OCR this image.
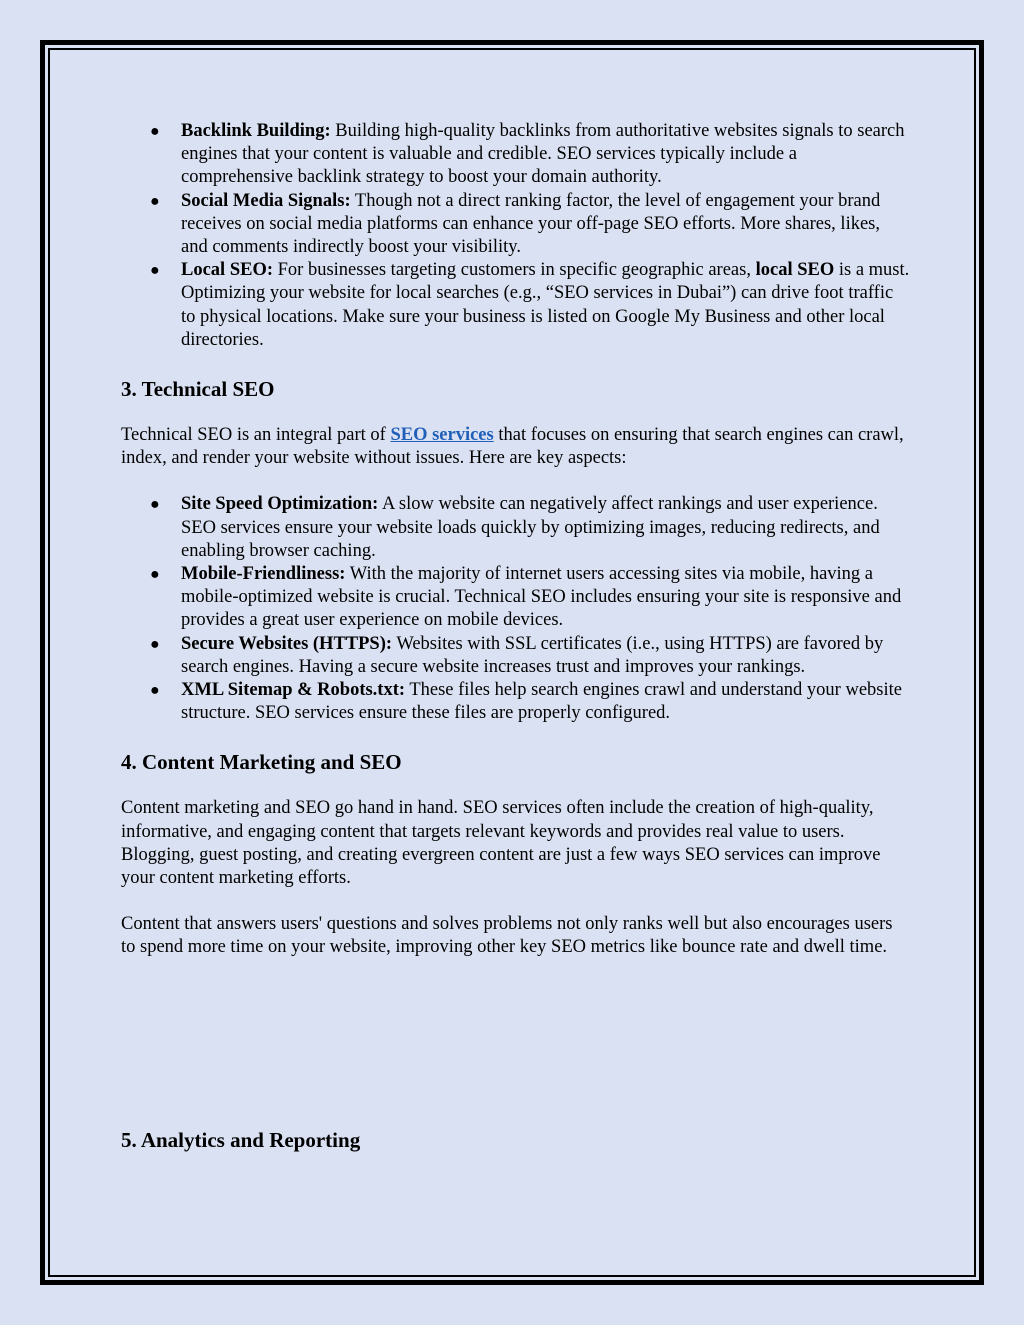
● Backlink Building: Building high-quality backlinks from authoritative websites signals to search engines that your content is valuable and credible. SEO services typically include a comprehensive backlink strategy to boost your domain authority.
● Social Media Signals: Though not a direct ranking factor, the level of engagement your brand receives on social media platforms can enhance your off-page SEO efforts. More shares, likes, and comments indirectly boost your visibility.
● Local SEO: For businesses targeting customers in specific geographic areas, local SEO is a must. Optimizing your website for local searches (e.g., “SEO services in Dubai”) can drive foot traffic to physical locations. Make sure your business is listed on Google My Business and other local directories.
3. Technical SEO

Technical SEO is an integral part of SEO services that focuses on ensuring that search engines can crawl, index, and render your website without issues. Here are key aspects:

● Site Speed Optimization: A slow website can negatively affect rankings and user experience. SEO services ensure your website loads quickly by optimizing images, reducing redirects, and enabling browser caching.
● Mobile-Friendliness: With the majority of internet users accessing sites via mobile, having a mobile-optimized website is crucial. Technical SEO includes ensuring your site is responsive and provides a great user experience on mobile devices.
● Secure Websites (HTTPS): Websites with SSL certificates (i.e., using HTTPS) are favored by search engines. Having a secure website increases trust and improves your rankings.
● XML Sitemap & Robots.txt: These files help search engines crawl and understand your website structure. SEO services ensure these files are properly configured.
4. Content Marketing and SEO

Content marketing and SEO go hand in hand. SEO services often include the creation of high-quality, informative, and engaging content that targets relevant keywords and provides real value to users. Blogging, guest posting, and creating evergreen content are just a few ways SEO services can improve your content marketing efforts.

Content that answers users' questions and solves problems not only ranks well but also encourages users to spend more time on your website, improving other key SEO metrics like bounce rate and dwell time.

5. Analytics and Reporting
